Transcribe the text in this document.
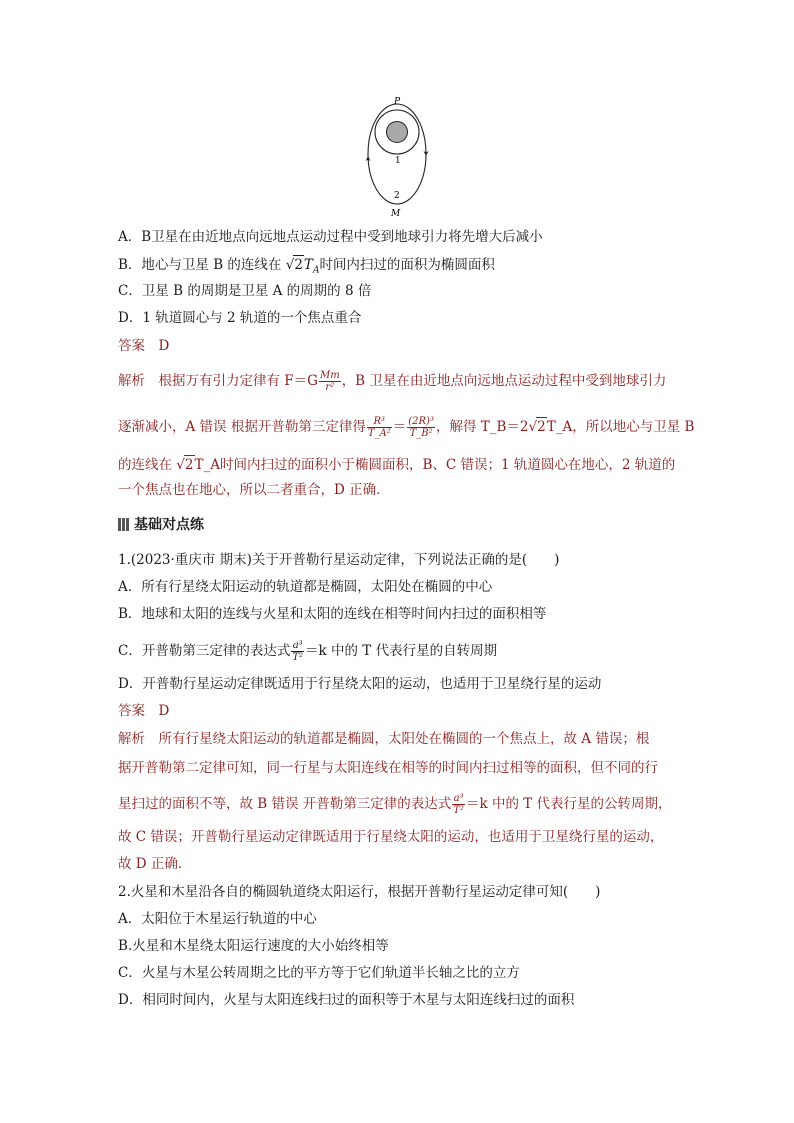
P
1
2
M
A．B卫星在由近地点向远地点运动过程中受到地球引力将先增大后减小
B．地心与卫星 B 的连线在 $√2T_A$时间内扫过的面积为椭圆面积
C．卫星 B 的周期是卫星 A 的周期的 8 倍
D．1 轨道圆心与 2 轨道的一个焦点重合
答案　 D
解析　 根据万有引力定律有 $F=G \frac{Mm}{\text{r²}}$ ，B 卫星在由近地点向远地点运动过程中受到地球引力
逐渐减小，A 错误 根据开普勒第三定律得 $\frac{\text{R³}}{\text{T\_A²}} = \frac{\text{(2R)³}}{\text{T\_B²}}$ ，解得 T_B＝2√2T_A，所以地心与卫星 B
的连线在 √2T_A时间内扫过的面积小于椭圆面积，B、C 错误；1 轨道圆心在地心，2 轨道的
一个焦点也在地心，所以二者重合，D 正确．
基础对点练
1.(2023·重庆市 期末)关于开普勒行星运动定律，下列说法正确的是(　　)
A．所有行星绕太阳运动的轨道都是椭圆，太阳处在椭圆的中心
B．地球和太阳的连线与火星和太阳的连线在相等时间内扫过的面积相等
C．开普勒第三定律的表达式 $\frac{\text{a³}}{\text{T²}} =k$ 中的 T 代表行星的自转周期
D．开普勒行星运动定律既适用于行星绕太阳的运动，也适用于卫星绕行星的运动
答案　 D
解析　 所有行星绕太阳运动的轨道都是椭圆，太阳处在椭圆的一个焦点上，故 A 错误；根
据开普勒第二定律可知，同一行星与太阳连线在相等的时间内扫过相等的面积，但不同的行
星扫过的面积不等，故 B 错误 开普勒第三定律的表达式 $\frac{\text{a³}}{\text{T²}} =k$ 中的 T 代表行星的公转周期，
故 C 错误；开普勒行星运动定律既适用于行星绕太阳的运动，也适用于卫星绕行星的运动，
故 D 正确．
2.火星和木星沿各自的椭圆轨道绕太阳运行，根据开普勒行星运动定律可知(　　)
A．太阳位于木星运行轨道的中心
B.火星和木星绕太阳运行速度的大小始终相等
C．火星与木星公转周期之比的平方等于它们轨道半长轴之比的立方
D．相同时间内，火星与太阳连线扫过的面积等于木星与太阳连线扫过的面积
